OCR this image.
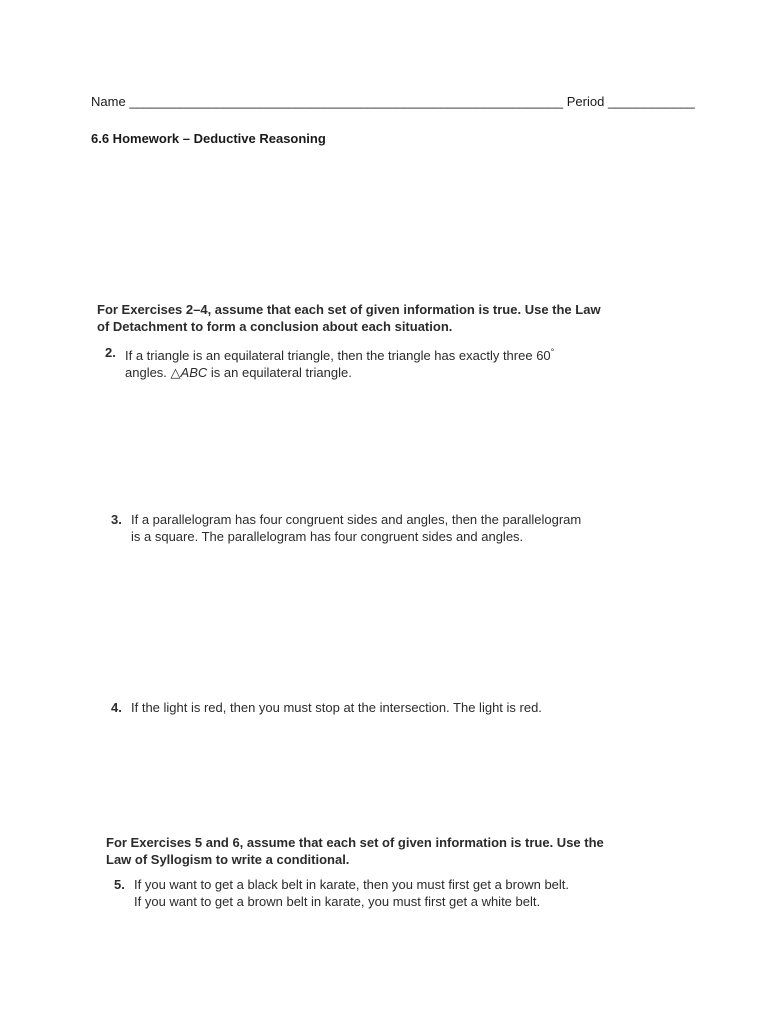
Name ____________________________________________________________ Period ____________
6.6 Homework – Deductive Reasoning
For Exercises 2–4, assume that each set of given information is true. Use the Law
of Detachment to form a conclusion about each situation.
2. If a triangle is an equilateral triangle, then the triangle has exactly three 60°
angles. △ABC is an equilateral triangle.
3. If a parallelogram has four congruent sides and angles, then the parallelogram
is a square. The parallelogram has four congruent sides and angles.
4. If the light is red, then you must stop at the intersection. The light is red.
For Exercises 5 and 6, assume that each set of given information is true. Use the
Law of Syllogism to write a conditional.
5. If you want to get a black belt in karate, then you must first get a brown belt.
If you want to get a brown belt in karate, you must first get a white belt.
